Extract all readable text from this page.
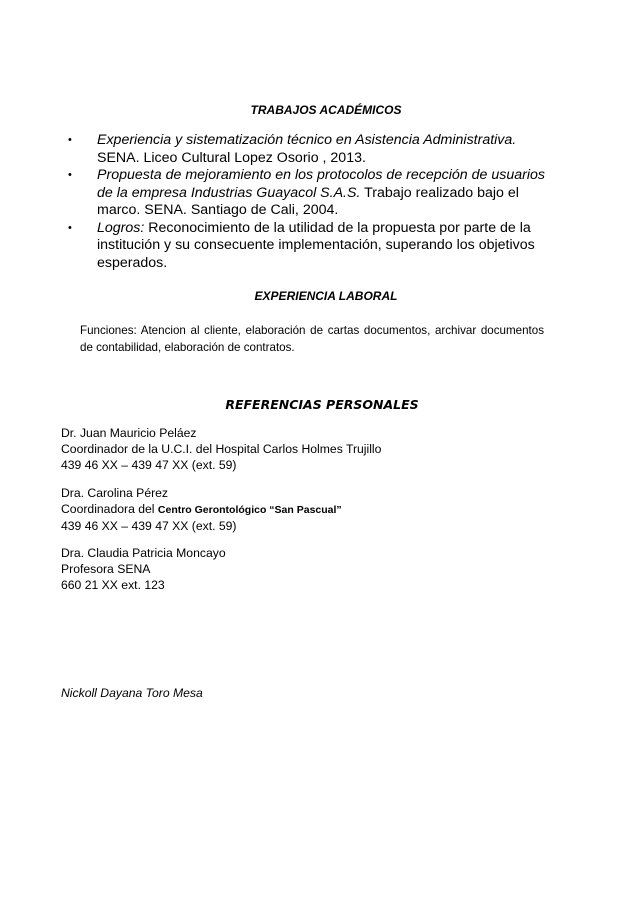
TRABAJOS ACADÉMICOS
• Experiencia y sistematización técnico en Asistencia Administrativa. SENA. Liceo Cultural Lopez Osorio , 2013.
• Propuesta de mejoramiento en los protocolos de recepción de usuarios de la empresa Industrias Guayacol S.A.S. Trabajo realizado bajo el marco. SENA. Santiago de Cali, 2004.
• Logros: Reconocimiento de la utilidad de la propuesta por parte de la institución y su consecuente implementación, superando los objetivos esperados.
EXPERIENCIA LABORAL
Funciones: Atencion al cliente, elaboración de cartas documentos, archivar documentos de contabilidad, elaboración de contratos.
REFERENCIAS PERSONALES
Dr. Juan Mauricio Peláez
Coordinador de la U.C.I. del Hospital Carlos Holmes Trujillo
439 46 XX – 439 47 XX (ext. 59)
Dra. Carolina Pérez
Coordinadora del Centro Gerontológico “San Pascual”
439 46 XX – 439 47 XX (ext. 59)
Dra. Claudia Patricia Moncayo
Profesora SENA
660 21 XX ext. 123
Nickoll Dayana Toro Mesa
